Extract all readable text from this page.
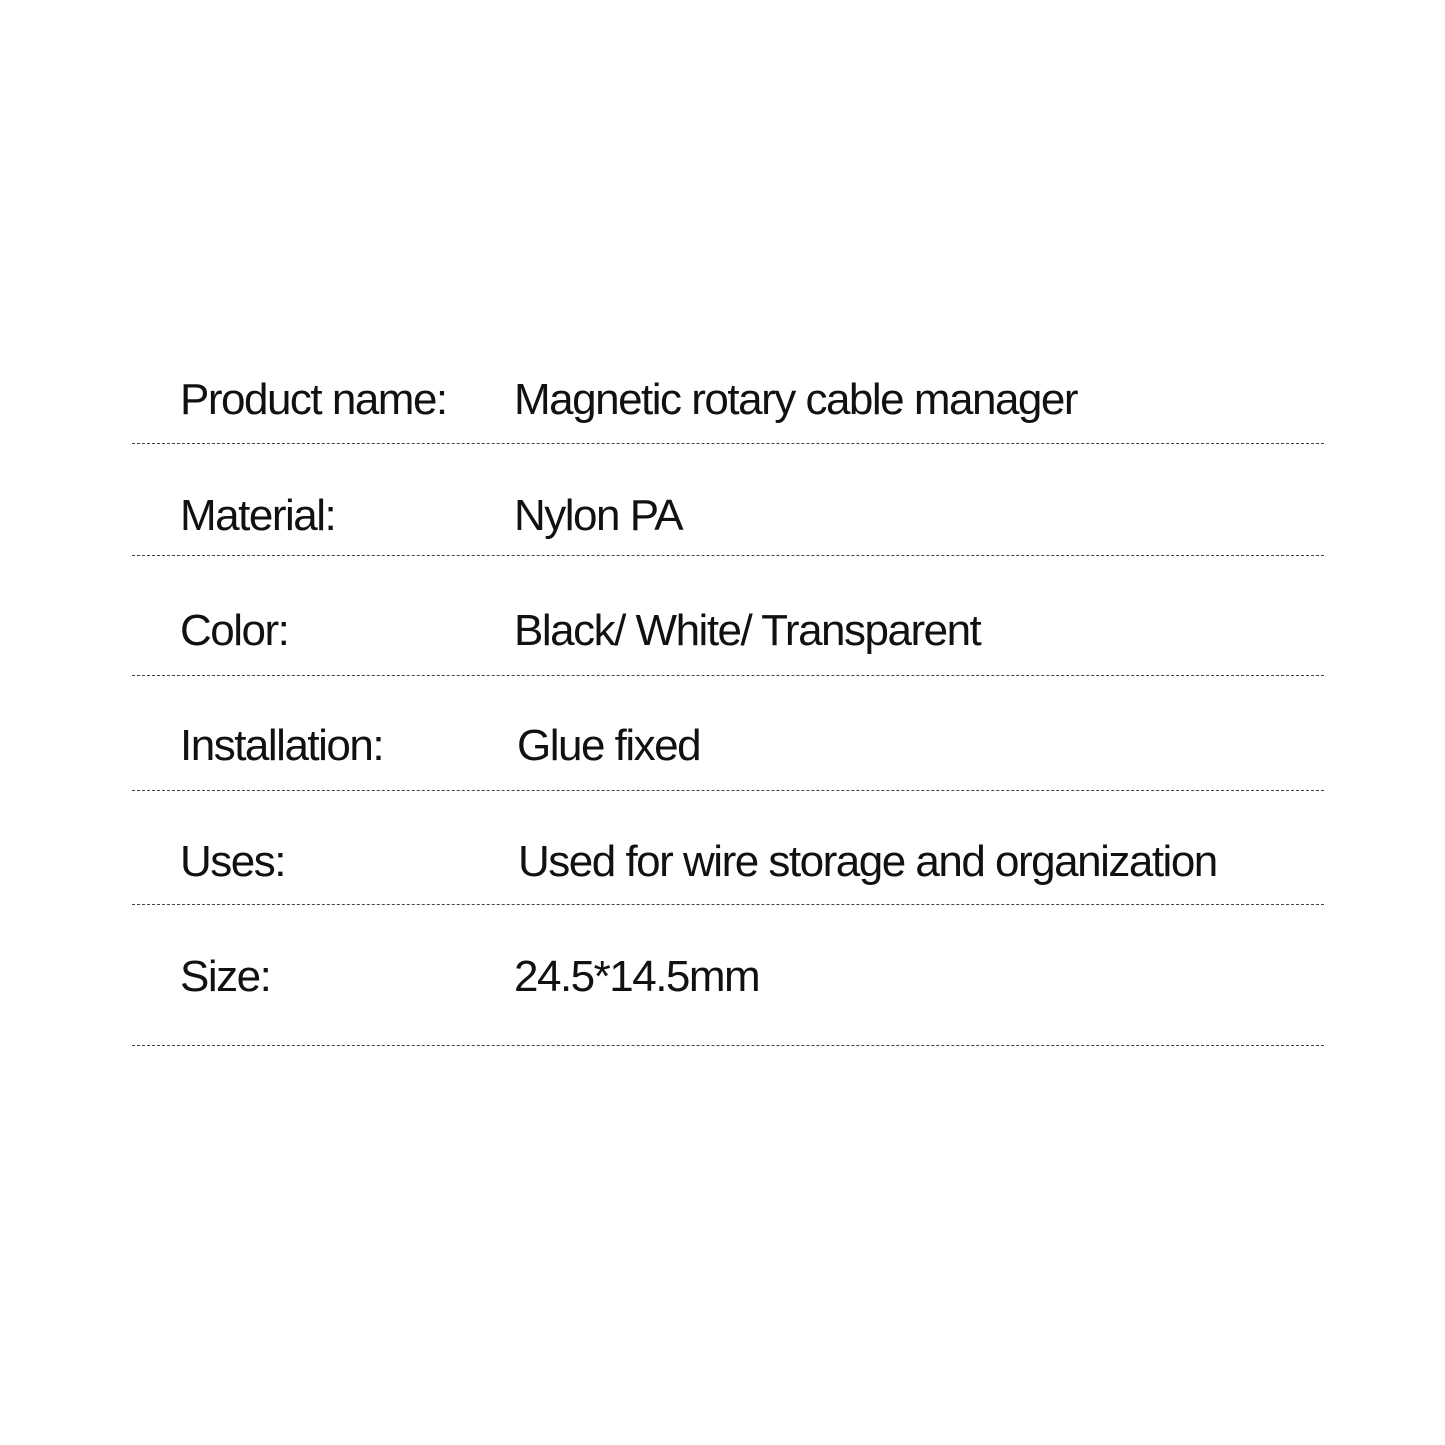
Product name: Magnetic rotary cable manager
Material:	Nylon PA
Color:	Black/ White/ Transparent
Installation:	Glue fixed
Uses:	Used for wire storage and organization
Size:	24.5*14.5mm
